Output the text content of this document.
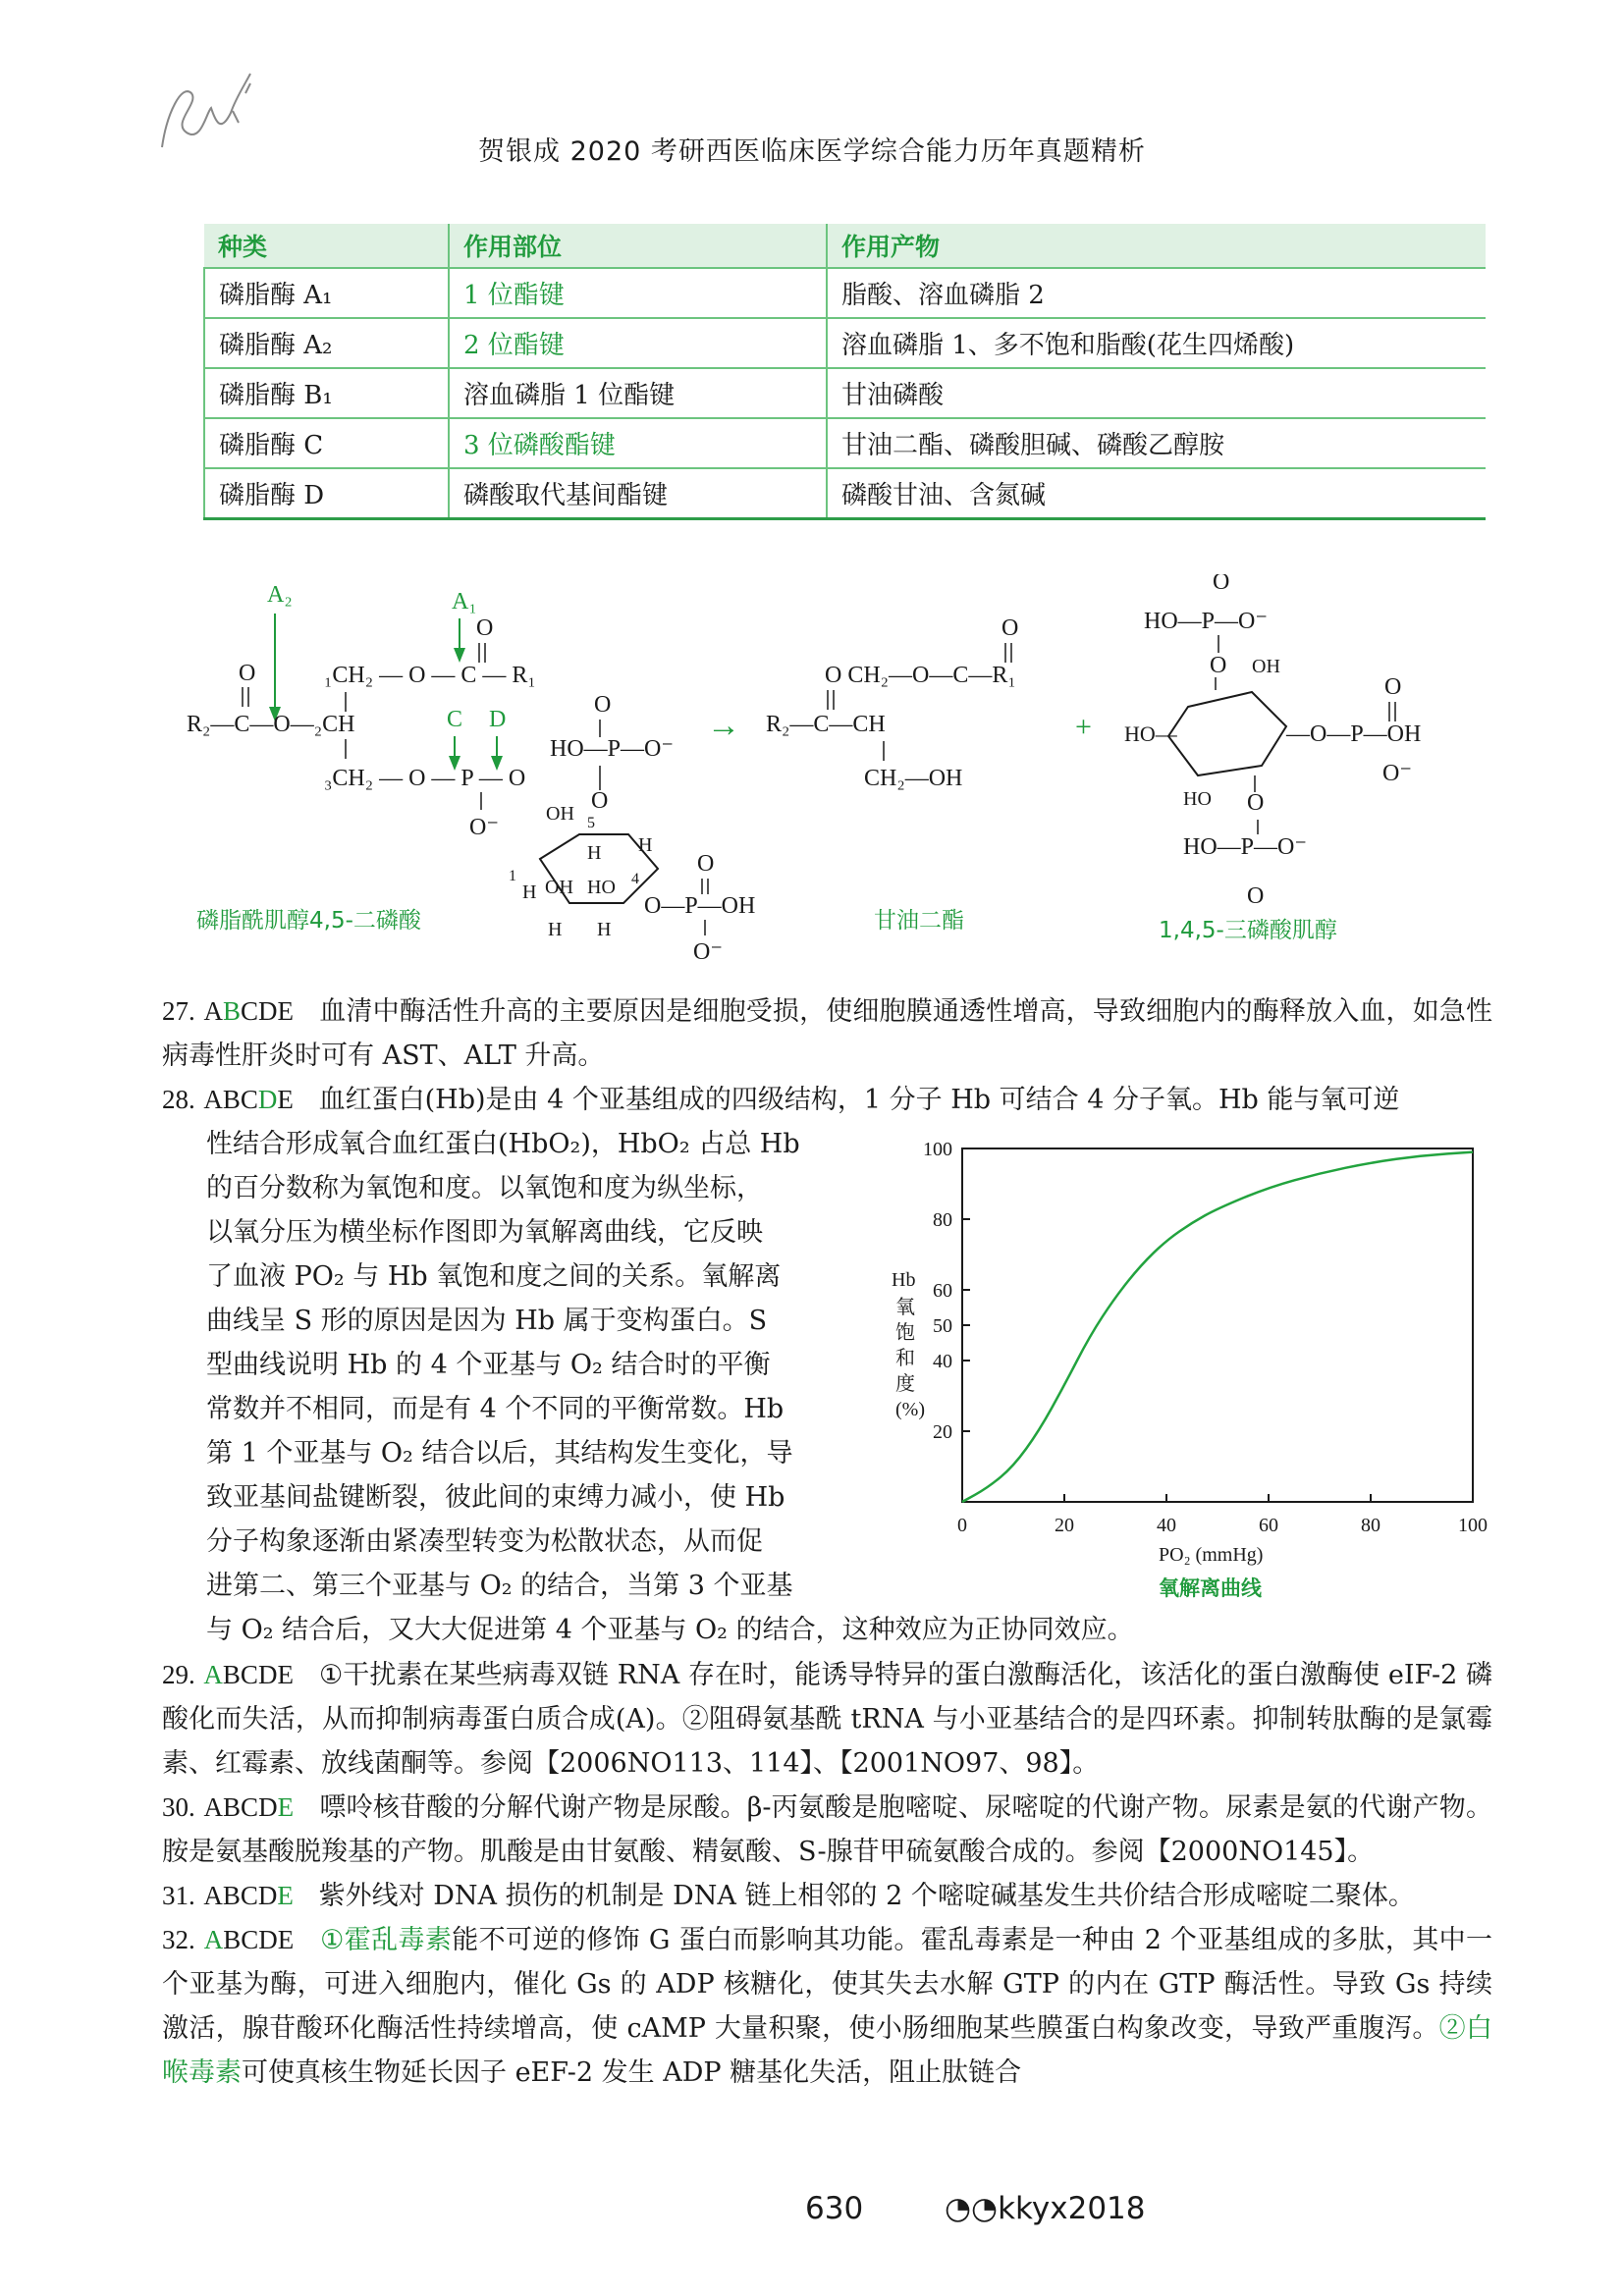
贺银成 2020 考研西医临床医学综合能力历年真题精析
种类	作用部位	作用产物
磷脂酶 A₁	1 位酯键	脂酸、溶血磷脂 2
磷脂酶 A₂	2 位酯键	溶血磷脂 1、多不饱和脂酸(花生四烯酸)
磷脂酶 B₁	溶血磷脂 1 位酯键	甘油磷酸
磷脂酶 C	3 位磷酸酯键	甘油二酯、磷酸胆碱、磷酸乙醇胺
磷脂酶 D	磷酸取代基间酯键	磷酸甘油、含氮碱
A₂	A₁
C D
₁CH₂ — O — C — R₁
O
O
R₂—C—O—₂CH
₃CH₂ — O — P — O
O⁻
HO—P—O⁻
O
O
OH 5
H H
1
OH HO 4
H
H H
O—P—OH
O
O⁻
磷脂酰肌醇4,5-二磷酸
→
O CH₂—O—C—R₁
O
R₂—C—CH
CH₂—OH
甘油二酯
+
O
HO—P—O⁻
O OH
HO—	—O—P—OH
O
O⁻
HO O
HO—P—O⁻
O
1,4,5-三磷酸肌醇
27. ABCDE 血清中酶活性升高的主要原因是细胞受损，使细胞膜通透性增高，导致细胞内的酶释放入血，如急性病毒性肝炎时可有 AST、ALT 升高。
28. ABCDE 血红蛋白(Hb)是由 4 个亚基组成的四级结构，1 分子 Hb 可结合 4 分子氧。Hb 能与氧可逆
性结合形成氧合血红蛋白(HbO₂)，HbO₂ 占总 Hb
的百分数称为氧饱和度。以氧饱和度为纵坐标，
以氧分压为横坐标作图即为氧解离曲线，它反映
了血液 PO₂ 与 Hb 氧饱和度之间的关系。氧解离
曲线呈 S 形的原因是因为 Hb 属于变构蛋白。S
型曲线说明 Hb 的 4 个亚基与 O₂ 结合时的平衡
常数并不相同，而是有 4 个不同的平衡常数。Hb
第 1 个亚基与 O₂ 结合以后，其结构发生变化，导
致亚基间盐键断裂，彼此间的束缚力减小，使 Hb
分子构象逐渐由紧凑型转变为松散状态，从而促
进第二、第三个亚基与 O₂ 的结合，当第 3 个亚基
与 O₂ 结合后，又大大促进第 4 个亚基与 O₂ 的结合，这种效应为正协同效应。
20
40
50
60
80
100
0	20	40	60	80	100
Hb
氧
饱
和
度
(%)
PO₂ (mmHg)
氧解离曲线
29. ABCDE ①干扰素在某些病毒双链 RNA 存在时，能诱导特异的蛋白激酶活化，该活化的蛋白激酶使 eIF-2 磷酸化而失活，从而抑制病毒蛋白质合成(A)。②阻碍氨基酰 tRNA 与小亚基结合的是四环素。抑制转肽酶的是氯霉素、红霉素、放线菌酮等。参阅【2006NO113、114】、【2001NO97、98】。
30. ABCDE 嘌呤核苷酸的分解代谢产物是尿酸。β-丙氨酸是胞嘧啶、尿嘧啶的代谢产物。尿素是氨的代谢产物。胺是氨基酸脱羧基的产物。肌酸是由甘氨酸、精氨酸、S-腺苷甲硫氨酸合成的。参阅【2000NO145】。
31. ABCDE 紫外线对 DNA 损伤的机制是 DNA 链上相邻的 2 个嘧啶碱基发生共价结合形成嘧啶二聚体。
32. ABCDE ①霍乱毒素能不可逆的修饰 G 蛋白而影响其功能。霍乱毒素是一种由 2 个亚基组成的多肽，其中一个亚基为酶，可进入细胞内，催化 Gs 的 ADP 核糖化，使其失去水解 GTP 的内在 GTP 酶活性。导致 Gs 持续激活，腺苷酸环化酶活性持续增高，使 cAMP 大量积聚，使小肠细胞某些膜蛋白构象改变，导致严重腹泻。②白喉毒素可使真核生物延长因子 eEF-2 发生 ADP 糖基化失活，阻止肽链合
630	◔◔kkyx2018
